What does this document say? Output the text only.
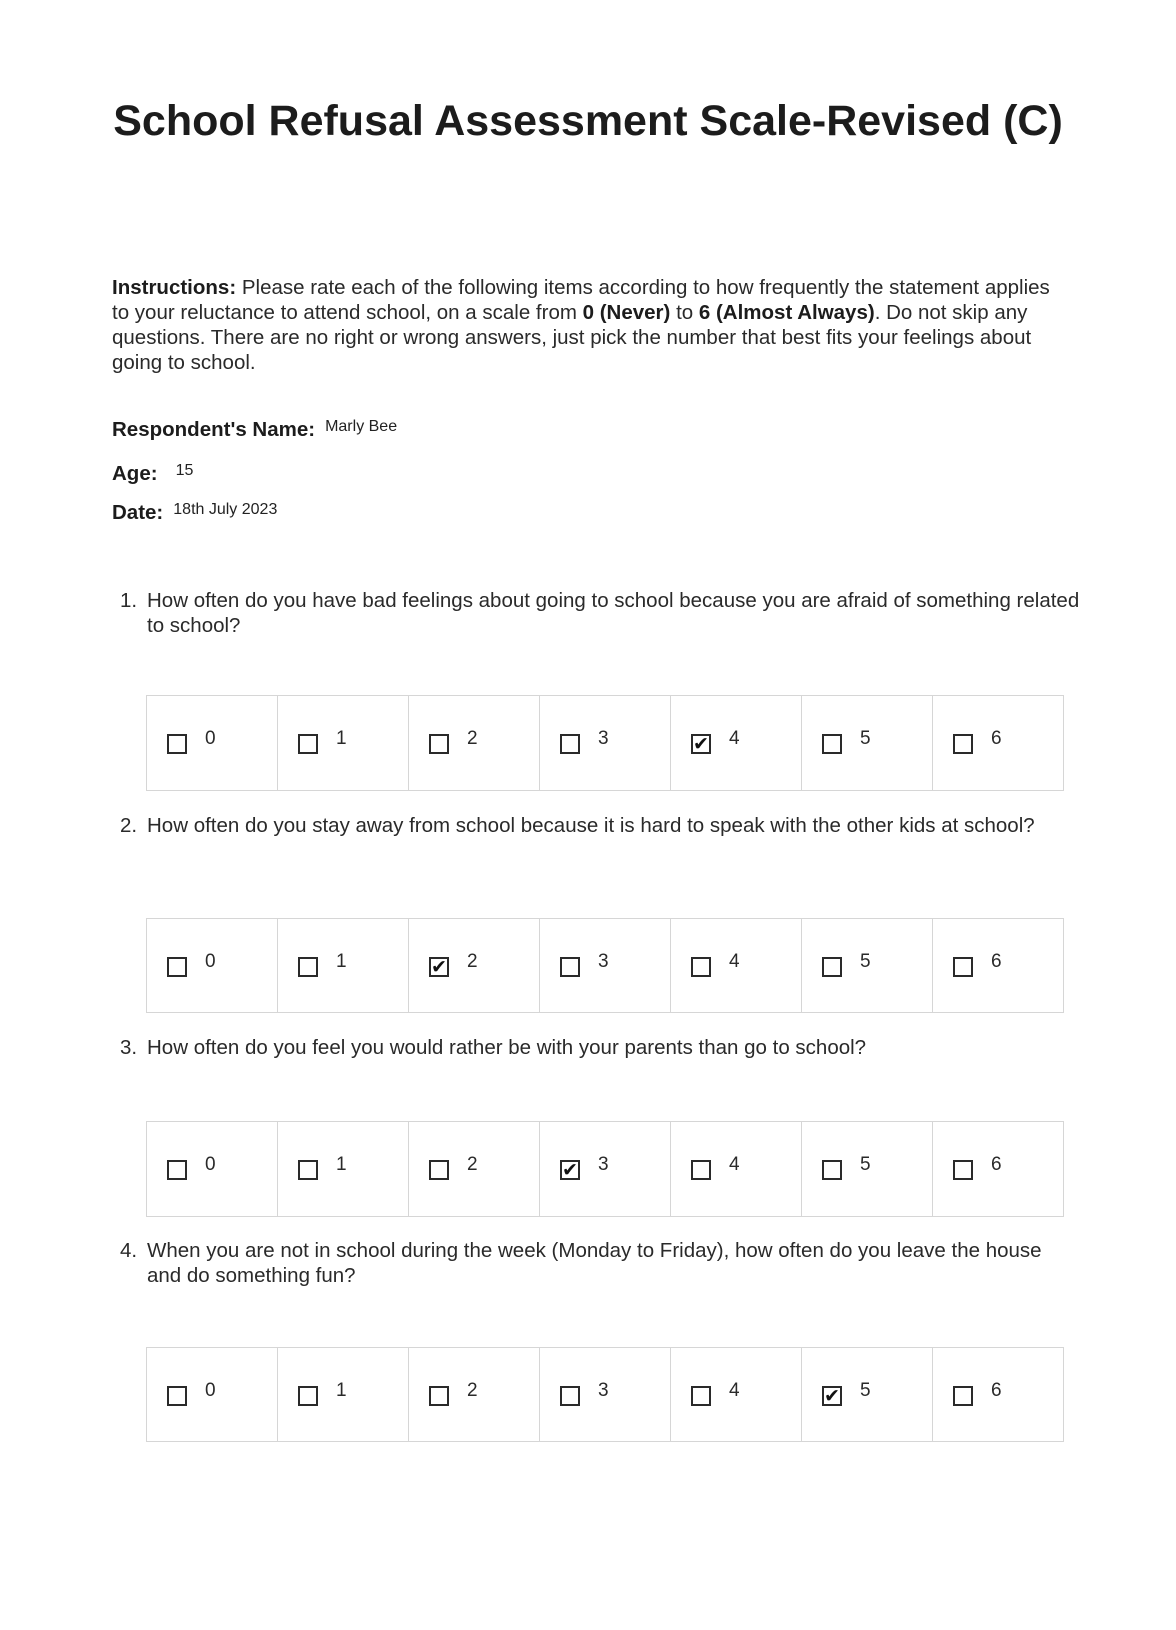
School Refusal Assessment Scale-Revised (C)
Instructions: Please rate each of the following items according to how frequently the statement applies to your reluctance to attend school, on a scale from 0 (Never) to 6 (Almost Always). Do not skip any questions. There are no right or wrong answers, just pick the number that best fits your feelings about going to school.
Respondent's Name: $^{Marly Bee}$
Age: $^{15}$
Date: $^{18th July 2023}$
1. How often do you have bad feelings about going to school because you are afraid of something related to school?
0	1	2	3	✔ 4	5	6
2. How often do you stay away from school because it is hard to speak with the other kids at school?
0	1	✔ 2	3	4	5	6
3. How often do you feel you would rather be with your parents than go to school?
0	1	2	✔ 3	4	5	6
4. When you are not in school during the week (Monday to Friday), how often do you leave the house and do something fun?
0	1	2	3	4	✔ 5	6
